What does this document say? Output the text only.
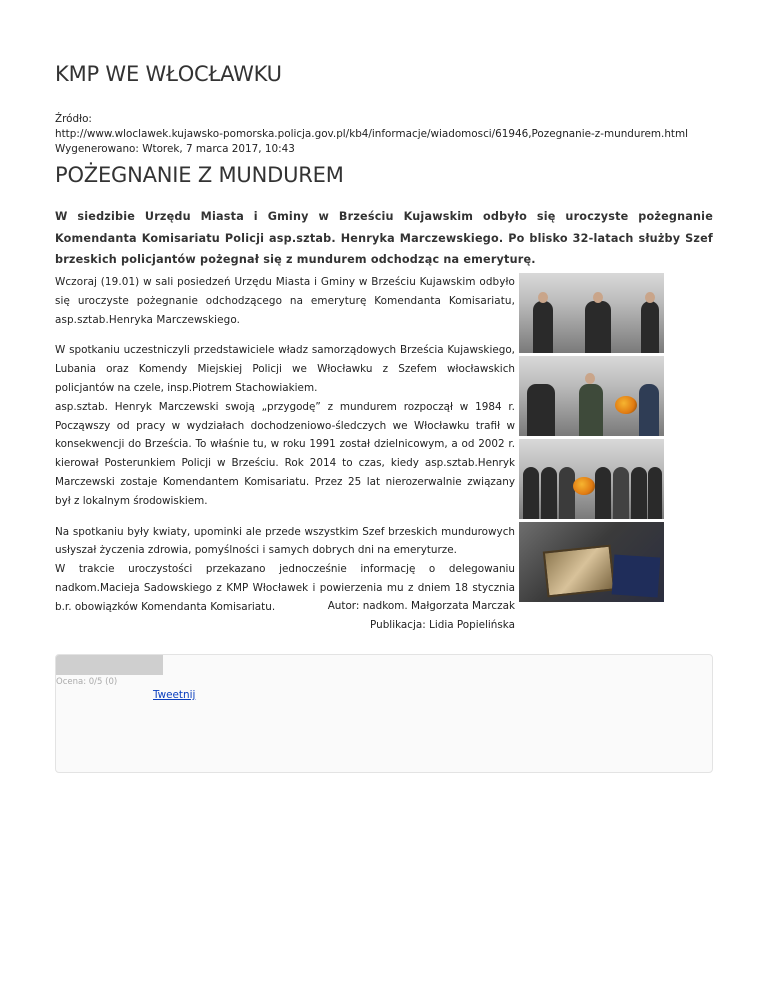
KMP WE WŁOCŁAWKU
Źródło:
http://www.wloclawek.kujawsko-pomorska.policja.gov.pl/kb4/informacje/wiadomosci/61946,Pozegnanie-z-mundurem.html
Wygenerowano: Wtorek, 7 marca 2017, 10:43
POŻEGNANIE Z MUNDUREM

W siedzibie Urzędu Miasta i Gminy w Brześciu Kujawskim odbyło się uroczyste pożegnanie Komendanta Komisariatu Policji asp.sztab. Henryka Marczewskiego. Po blisko 32-latach służby Szef brzeskich policjantów pożegnał się z mundurem odchodząc na emeryturę.

Wczoraj (19.01) w sali posiedzeń Urzędu Miasta i Gminy w Brześciu Kujawskim odbyło się uroczyste pożegnanie odchodzącego na emeryturę Komendanta Komisariatu, asp.sztab.Henryka Marczewskiego.

W spotkaniu uczestniczyli przedstawiciele władz samorządowych Brześcia Kujawskiego, Lubania oraz Komendy Miejskiej Policji we Włocławku z Szefem włocławskich policjantów na czele, insp.Piotrem Stachowiakiem.

asp.sztab. Henryk Marczewski swoją „przygodę” z mundurem rozpoczął w 1984 r. Począwszy od pracy w wydziałach dochodzeniowo-śledczych we Włocławku trafił w konsekwencji do Brześcia. To właśnie tu, w roku 1991 został dzielnicowym, a od 2002 r. kierował Posterunkiem Policji w Brześciu. Rok 2014 to czas, kiedy asp.sztab.Henryk Marczewski zostaje Komendantem Komisariatu. Przez 25 lat nierozerwalnie związany był z lokalnym środowiskiem.

Na spotkaniu były kwiaty, upominki ale przede wszystkim Szef brzeskich mundurowych usłyszał życzenia zdrowia, pomyślności i samych dobrych dni na emeryturze.

W trakcie uroczystości przekazano jednocześnie informację o delegowaniu nadkom.Macieja Sadowskiego z KMP Włocławek i powierzenia mu z dniem 18 stycznia b.r. obowiązków Komendanta Komisariatu.	Autor: nadkom. Małgorzata Marczak
Publikacja: Lidia Popielińska
Ocena: 0/5 (0)
Tweetnij
